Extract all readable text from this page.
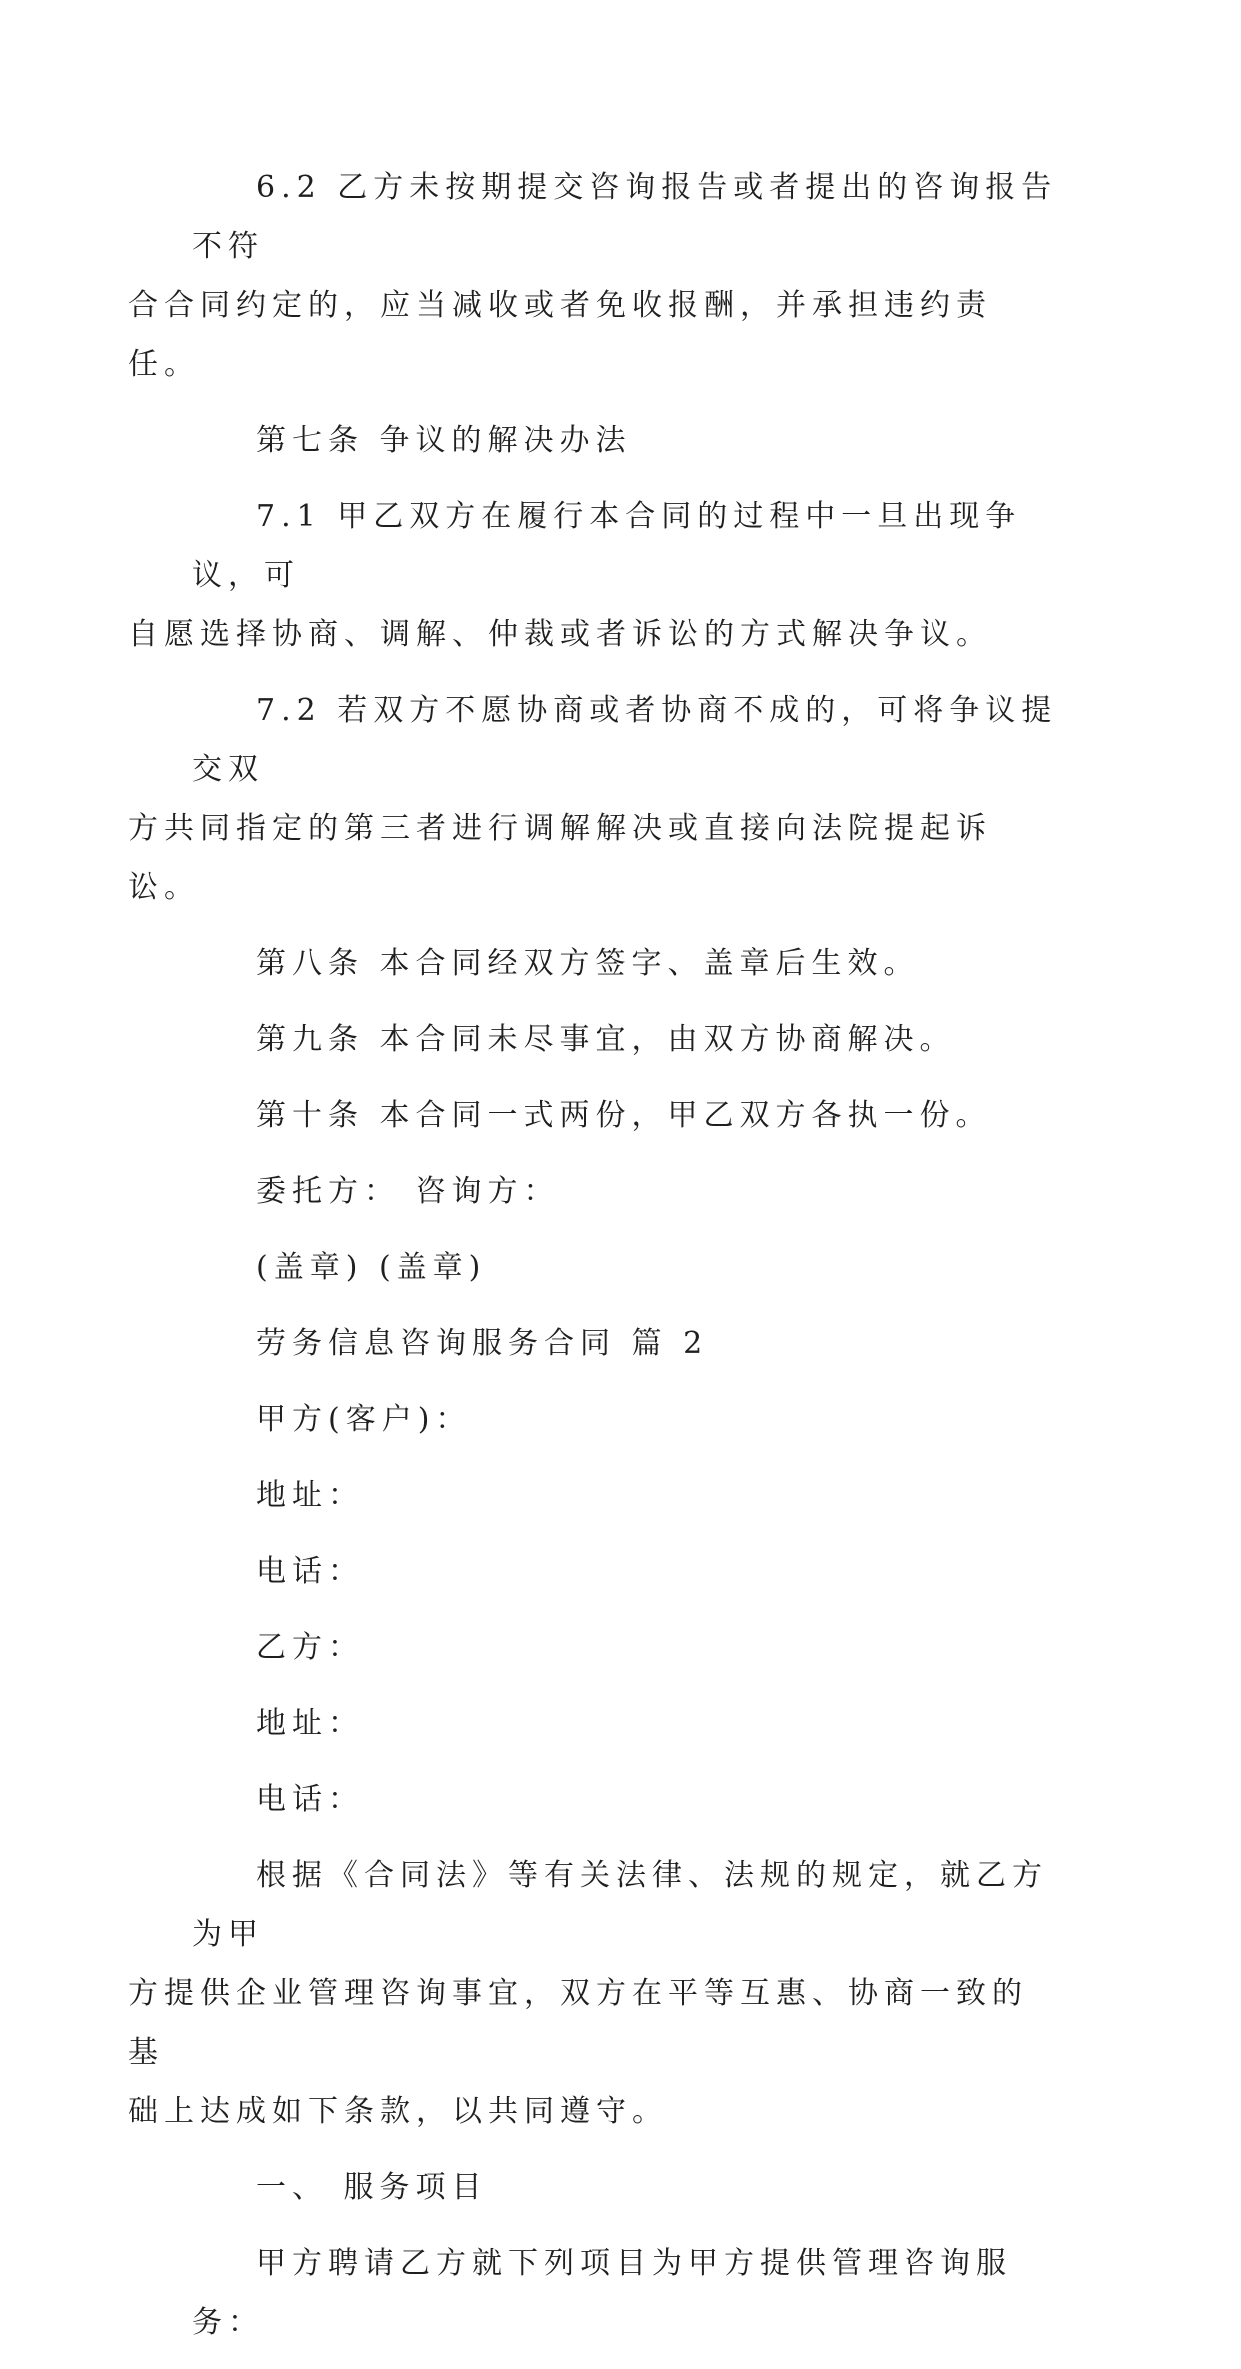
6.2 乙方未按期提交咨询报告或者提出的咨询报告不符
合合同约定的，应当减收或者免收报酬，并承担违约责任。

第七条 争议的解决办法

7.1 甲乙双方在履行本合同的过程中一旦出现争议，可
自愿选择协商、调解、仲裁或者诉讼的方式解决争议。

7.2 若双方不愿协商或者协商不成的，可将争议提交双
方共同指定的第三者进行调解解决或直接向法院提起诉讼。

第八条 本合同经双方签字、盖章后生效。

第九条 本合同未尽事宜，由双方协商解决。

第十条 本合同一式两份，甲乙双方各执一份。

委托方： 咨询方：

(盖章) (盖章)

劳务信息咨询服务合同 篇 2

甲方(客户)：

地址：

电话：

乙方：

地址：

电话：

根据《合同法》等有关法律、法规的规定，就乙方为甲
方提供企业管理咨询事宜，双方在平等互惠、协商一致的基
础上达成如下条款，以共同遵守。

一、 服务项目

甲方聘请乙方就下列项目为甲方提供管理咨询服务：
